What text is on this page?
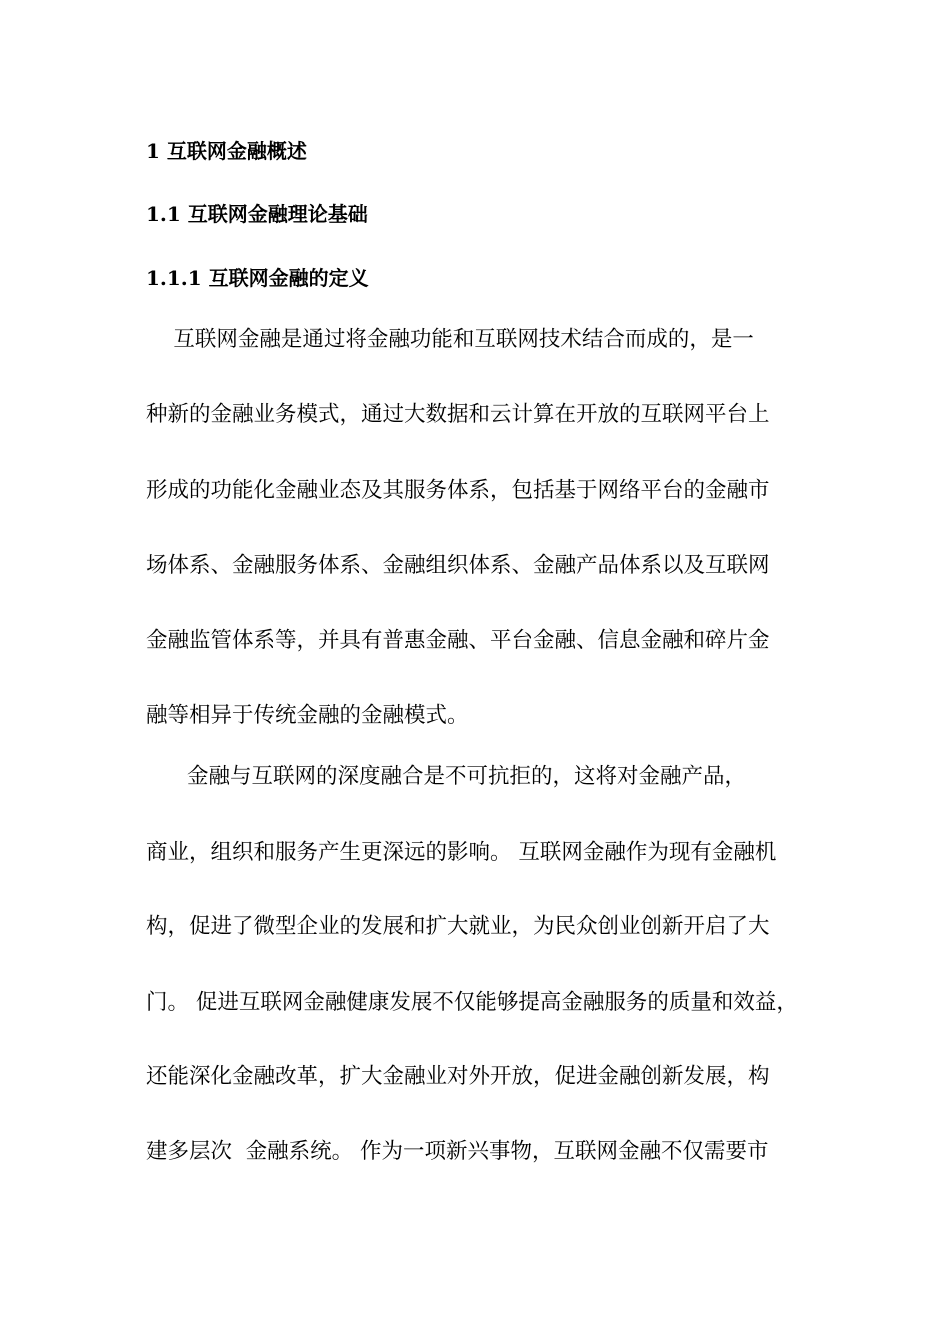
1 互联网金融概述
1.1 互联网金融理论基础
1.1.1 互联网金融的定义
互联网金融是通过将金融功能和互联网技术结合而成的，是一
种新的金融业务模式，通过大数据和云计算在开放的互联网平台上
形成的功能化金融业态及其服务体系，包括基于网络平台的金融市
场体系、金融服务体系、金融组织体系、金融产品体系以及互联网
金融监管体系等，并具有普惠金融、平台金融、信息金融和碎片金
融等相异于传统金融的金融模式。
金融与互联网的深度融合是不可抗拒的，这将对金融产品，
商业，组织和服务产生更深远的影响。 互联网金融作为现有金融机
构，促进了微型企业的发展和扩大就业，为民众创业创新开启了大
门。 促进互联网金融健康发展不仅能够提高金融服务的质量和效益，
还能深化金融改革，扩大金融业对外开放，促进金融创新发展，构
建多层次  金融系统。 作为一项新兴事物，互联网金融不仅需要市
